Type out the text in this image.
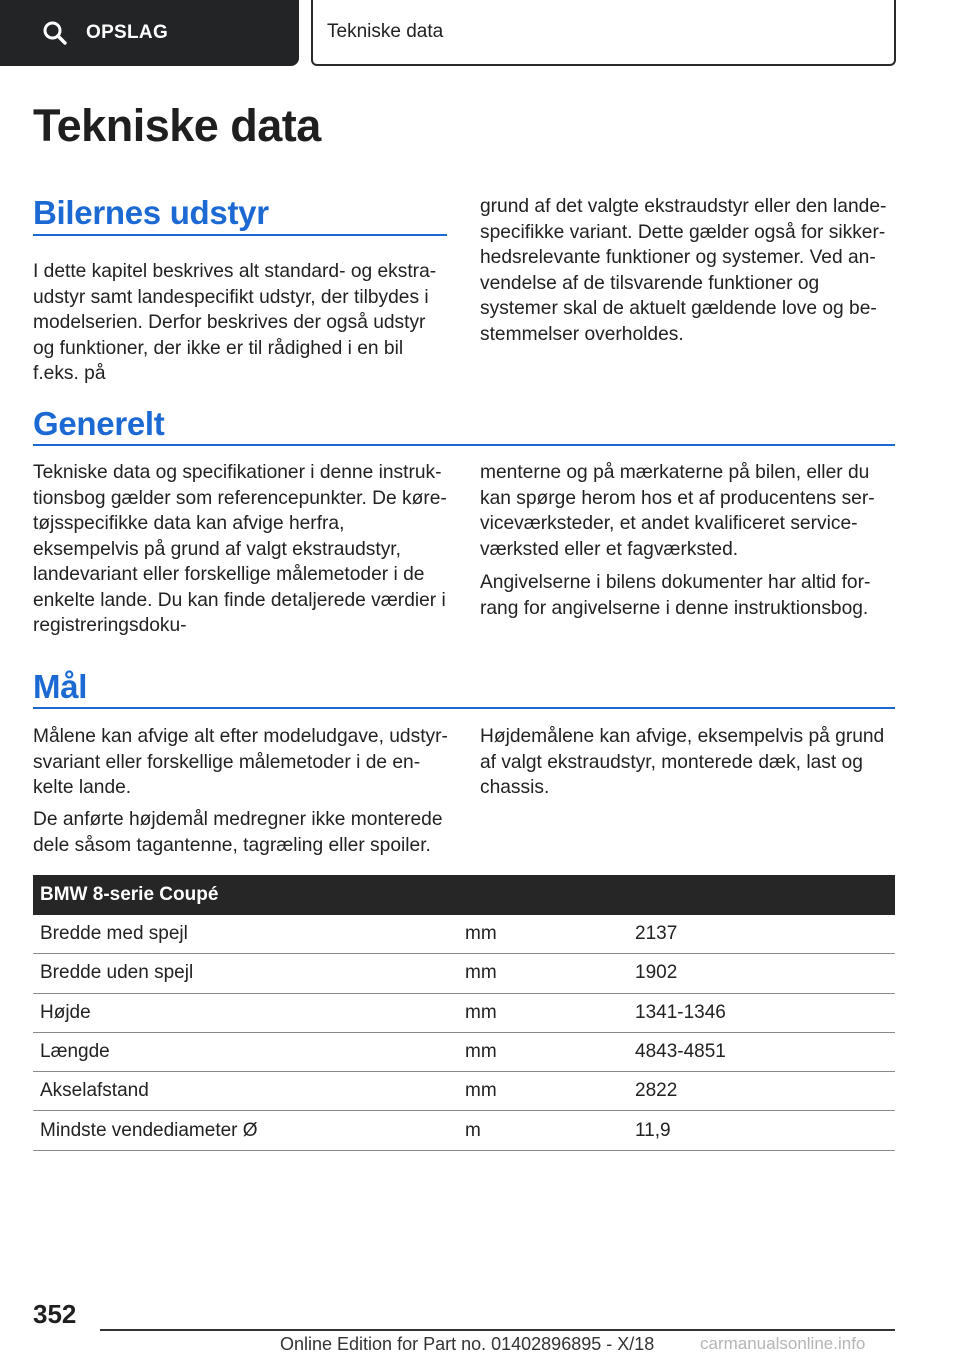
OPSLAG	Tekniske data
Tekniske data
Bilernes udstyr
I dette kapitel beskrives alt standard- og ekstraudstyr samt landespecifikt udstyr, der tilbydes i modelserien. Derfor beskrives der også udstyr og funktioner, der ikke er til rådighed i en bil f.eks. på
grund af det valgte ekstraudstyr eller den landespecifikke variant. Dette gælder også for sikkerhedsrelevante funktioner og systemer. Ved anvendelse af de tilsvarende funktioner og systemer skal de aktuelt gældende love og bestemmelser overholdes.
Generelt
Tekniske data og specifikationer i denne instruktionsbog gælder som referencepunkter. De køretøjsspecifikke data kan afvige herfra, eksempelvis på grund af valgt ekstraudstyr, landevariant eller forskellige målemetoder i de enkelte lande. Du kan finde detaljerede værdier i registreringsdoku-
menterne og på mærkaterne på bilen, eller du kan spørge herom hos et af producentens serviceværksteder, et andet kvalificeret serviceværksted eller et fagværksted.
Angivelserne i bilens dokumenter har altid forrang for angivelserne i denne instruktionsbog.
Mål
Målene kan afvige alt efter modeludgave, udstyrsvariant eller forskellige målemetoder i de enkelte lande.
De anførte højdemål medregner ikke monterede dele såsom tagantenne, tagræling eller spoiler.
Højdemålene kan afvige, eksempelvis på grund af valgt ekstraudstyr, monterede dæk, last og chassis.
BMW 8-serie Coupé
Bredde med spejl	mm	2137
Bredde uden spejl	mm	1902
Højde	mm	1341-1346
Længde	mm	4843-4851
Akselafstand	mm	2822
Mindste vendediameter Ø	m	11,9
352
Online Edition for Part no. 01402896895 - X/18	carmanualsonline.info
